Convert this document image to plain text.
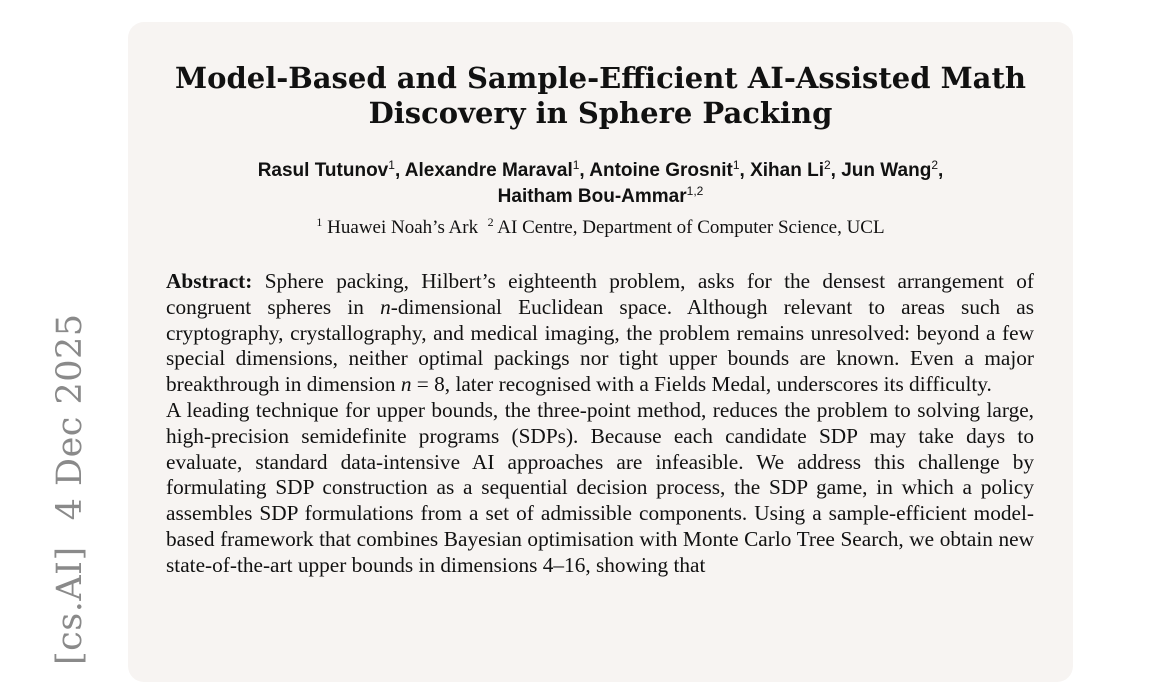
[cs.AI]4 Dec 2025
Model-Based and Sample-Efficient AI-Assisted Math
Discovery in Sphere Packing
Rasul Tutunov$^1$, Alexandre Maraval$^1$, Antoine Grosnit$^1$, Xihan Li$^2$, Jun Wang$^2$,
Haitham Bou-Ammar$^{1,2}$
$^1$ Huawei Noah’s Ark $^2$ AI Centre, Department of Computer Science, UCL

Abstract: Sphere packing, Hilbert’s eighteenth problem, asks for the densest arrangement of congruent spheres in n-dimensional Euclidean space. Although relevant to areas such as cryptography, crystallography, and medical imaging, the problem remains unresolved: beyond a few special dimensions, neither optimal packings nor tight upper bounds are known. Even a major breakthrough in dimension n = 8, later recognised with a Fields Medal, underscores its difficulty.

A leading technique for upper bounds, the three-point method, reduces the problem to solving large, high-precision semidefinite programs (SDPs). Because each candidate SDP may take days to evaluate, standard data-intensive AI approaches are infeasible. We address this challenge by formulating SDP construction as a sequential decision process, the SDP game, in which a policy assembles SDP formulations from a set of admissible components. Using a sample-efficient model-based framework that combines Bayesian optimisation with Monte Carlo Tree Search, we obtain new state-of-the-art upper bounds in dimensions 4–16, showing that
